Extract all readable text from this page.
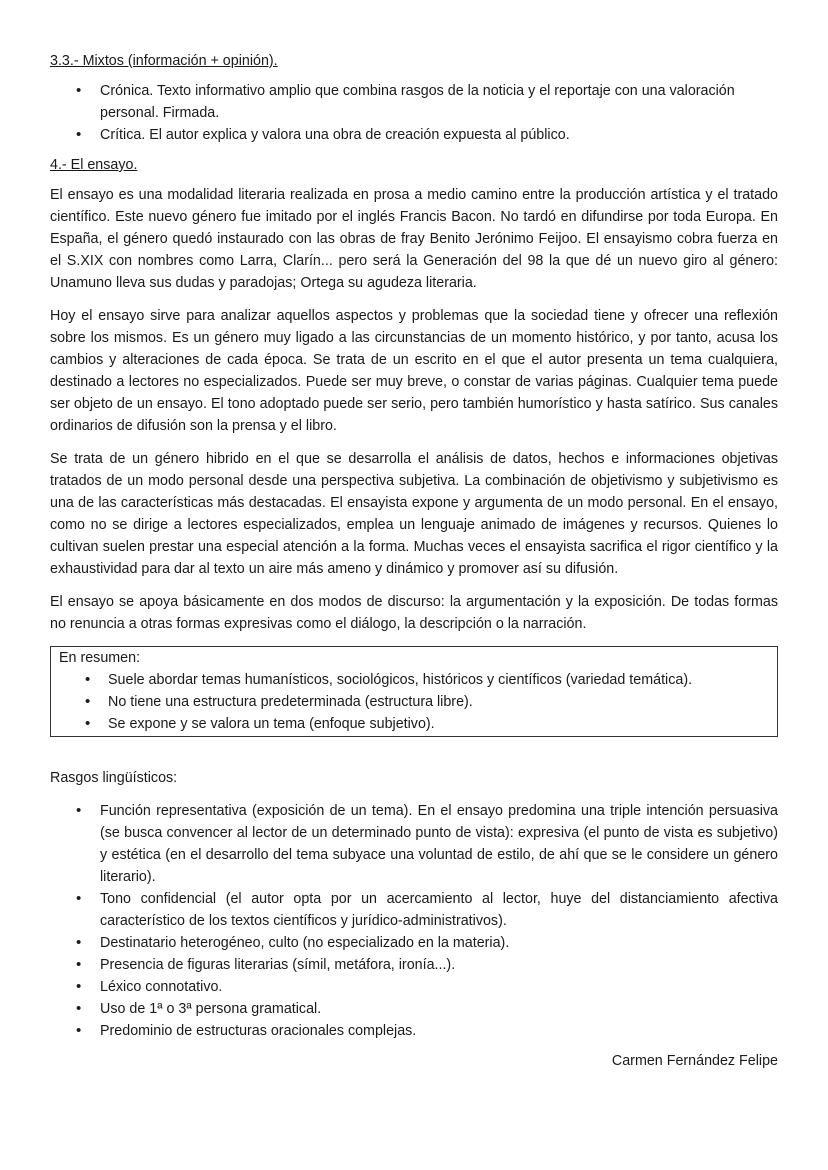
3.3.- Mixtos (información + opinión).
• Crónica. Texto informativo amplio que combina rasgos de la noticia y el reportaje con una valoración personal. Firmada.
• Crítica. El autor explica y valora una obra de creación expuesta al público.
4.- El ensayo.

El ensayo es una modalidad literaria realizada en prosa a medio camino entre la producción artística y el tratado científico. Este nuevo género fue imitado por el inglés Francis Bacon. No tardó en difundirse por toda Europa. En España, el género quedó instaurado con las obras de fray Benito Jerónimo Feijoo. El ensayismo cobra fuerza en el S.XIX con nombres como Larra, Clarín... pero será la Generación del 98 la que dé un nuevo giro al género: Unamuno lleva sus dudas y paradojas; Ortega su agudeza literaria.

Hoy el ensayo sirve para analizar aquellos aspectos y problemas que la sociedad tiene y ofrecer una reflexión sobre los mismos. Es un género muy ligado a las circunstancias de un momento histórico, y por tanto, acusa los cambios y alteraciones de cada época. Se trata de un escrito en el que el autor presenta un tema cualquiera, destinado a lectores no especializados. Puede ser muy breve, o constar de varias páginas. Cualquier tema puede ser objeto de un ensayo. El tono adoptado puede ser serio, pero también humorístico y hasta satírico. Sus canales ordinarios de difusión son la prensa y el libro.

Se trata de un género hibrido en el que se desarrolla el análisis de datos, hechos e informaciones objetivas tratados de un modo personal desde una perspectiva subjetiva. La combinación de objetivismo y subjetivismo es una de las características más destacadas. El ensayista expone y argumenta de un modo personal. En el ensayo, como no se dirige a lectores especializados, emplea un lenguaje animado de imágenes y recursos. Quienes lo cultivan suelen prestar una especial atención a la forma. Muchas veces el ensayista sacrifica el rigor científico y la exhaustividad para dar al texto un aire más ameno y dinámico y promover así su difusión.

El ensayo se apoya básicamente en dos modos de discurso: la argumentación y la exposición. De todas formas no renuncia a otras formas expresivas como el diálogo, la descripción o la narración.

En resumen:
• Suele abordar temas humanísticos, sociológicos, históricos y científicos (variedad temática).
• No tiene una estructura predeterminada (estructura libre).
• Se expone y se valora un tema (enfoque subjetivo).
Rasgos lingüísticos:
• Función representativa (exposición de un tema). En el ensayo predomina una triple intención persuasiva (se busca convencer al lector de un determinado punto de vista): expresiva (el punto de vista es subjetivo) y estética (en el desarrollo del tema subyace una voluntad de estilo, de ahí que se le considere un género literario).
• Tono confidencial (el autor opta por un acercamiento al lector, huye del distanciamiento afectiva característico de los textos científicos y jurídico-administrativos).
• Destinatario heterogéneo, culto (no especializado en la materia).
• Presencia de figuras literarias (símil, metáfora, ironía...).
• Léxico connotativo.
• Uso de 1ª o 3ª persona gramatical.
• Predominio de estructuras oracionales complejas.
Carmen Fernández Felipe
